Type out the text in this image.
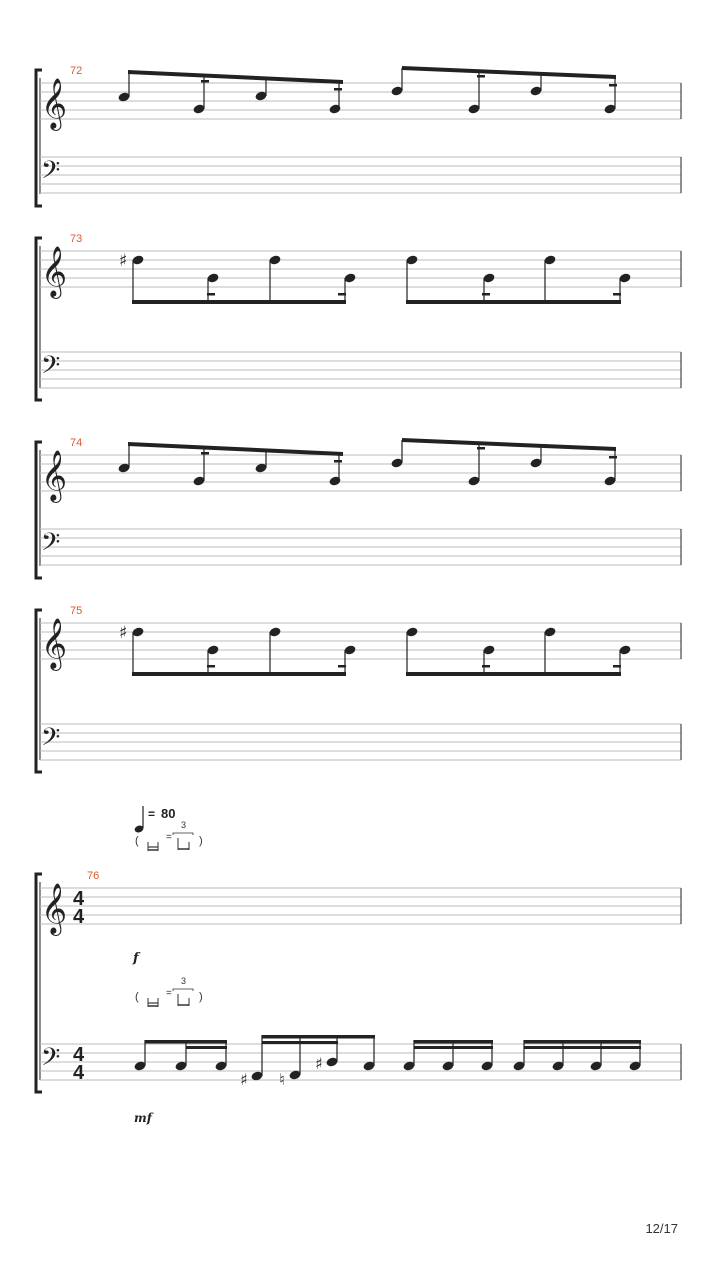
𝄞
𝄢
72
𝄞
𝄢
73
♯
𝄞
𝄢
74
𝄞
𝄢
75
♯
= 80
(	=
3
)
𝄞
𝄢
76
4
4
4
4
f
(	=
3
)
♯ ♮
♯
mf
12/17
